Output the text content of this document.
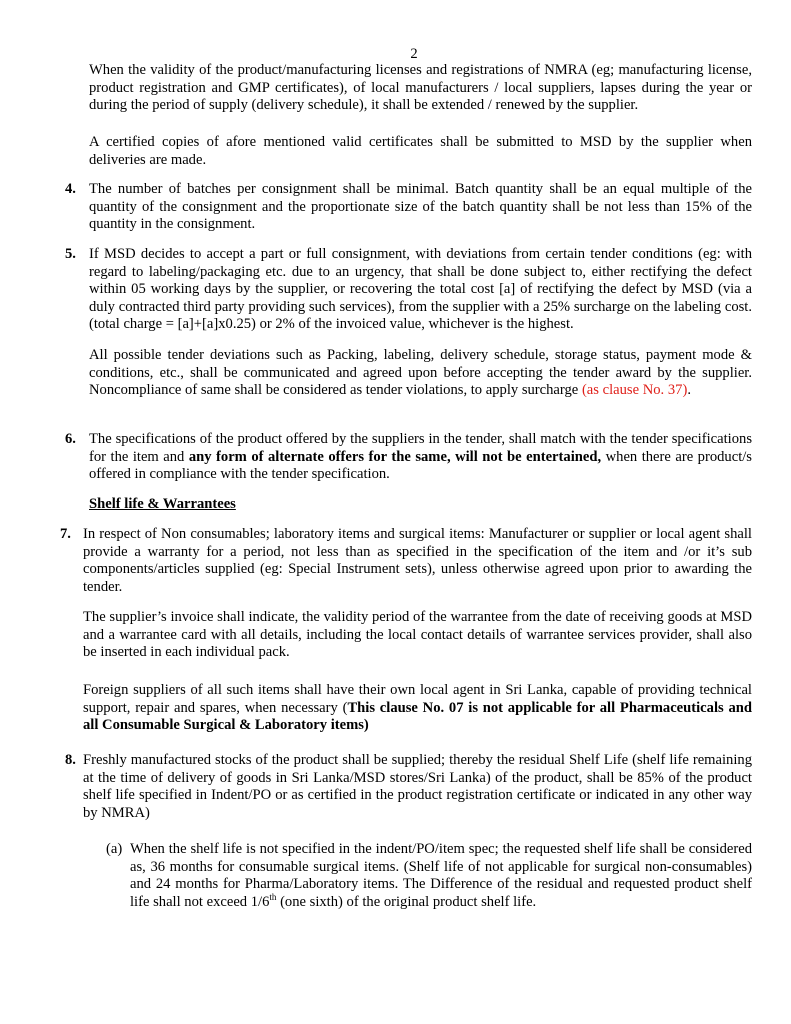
2

When the validity of the product/manufacturing licenses and registrations of NMRA (eg; manufacturing license, product registration and GMP certificates), of local manufacturers / local suppliers, lapses during the year or during the period of supply (delivery schedule), it shall be extended / renewed by the supplier.

A certified copies of afore mentioned valid certificates shall be submitted to MSD by the supplier when deliveries are made.

4. The number of batches per consignment shall be minimal. Batch quantity shall be an equal multiple of the quantity of the consignment and the proportionate size of the batch quantity shall be not less than 15% of the quantity in the consignment.

5. If MSD decides to accept a part or full consignment, with deviations from certain tender conditions (eg: with regard to labeling/packaging etc. due to an urgency, that shall be done subject to, either rectifying the defect within 05 working days by the supplier, or recovering the total cost [a] of rectifying the defect by MSD (via a duly contracted third party providing such services), from the supplier with a 25% surcharge on the labeling cost. (total charge = [a]+[a]x0.25) or 2% of the invoiced value, whichever is the highest.

All possible tender deviations such as Packing, labeling, delivery schedule, storage status, payment mode & conditions, etc., shall be communicated and agreed upon before accepting the tender award by the supplier. Noncompliance of same shall be considered as tender violations, to apply surcharge (as clause No. 37).

6. The specifications of the product offered by the suppliers in the tender, shall match with the tender specifications for the item and any form of alternate offers for the same, will not be entertained, when there are product/s offered in compliance with the tender specification.

Shelf life & Warrantees
7. In respect of Non consumables; laboratory items and surgical items: Manufacturer or supplier or local agent shall provide a warranty for a period, not less than as specified in the specification of the item and /or it’s sub components/articles supplied (eg: Special Instrument sets), unless otherwise agreed upon prior to awarding the tender.

The supplier’s invoice shall indicate, the validity period of the warrantee from the date of receiving goods at MSD and a warrantee card with all details, including the local contact details of warrantee services provider, shall also be inserted in each individual pack.

Foreign suppliers of all such items shall have their own local agent in Sri Lanka, capable of providing technical support, repair and spares, when necessary (This clause No. 07 is not applicable for all Pharmaceuticals and all Consumable Surgical & Laboratory items)

8. Freshly manufactured stocks of the product shall be supplied; thereby the residual Shelf Life (shelf life remaining at the time of delivery of goods in Sri Lanka/MSD stores/Sri Lanka) of the product, shall be 85% of the product shelf life specified in Indent/PO or as certified in the product registration certificate or indicated in any other way by NMRA)

(a) When the shelf life is not specified in the indent/PO/item spec; the requested shelf life shall be considered as, 36 months for consumable surgical items. (Shelf life of not applicable for surgical non-consumables) and 24 months for Pharma/Laboratory items. The Difference of the residual and requested product shelf life shall not exceed 1/6th (one sixth) of the original product shelf life.
